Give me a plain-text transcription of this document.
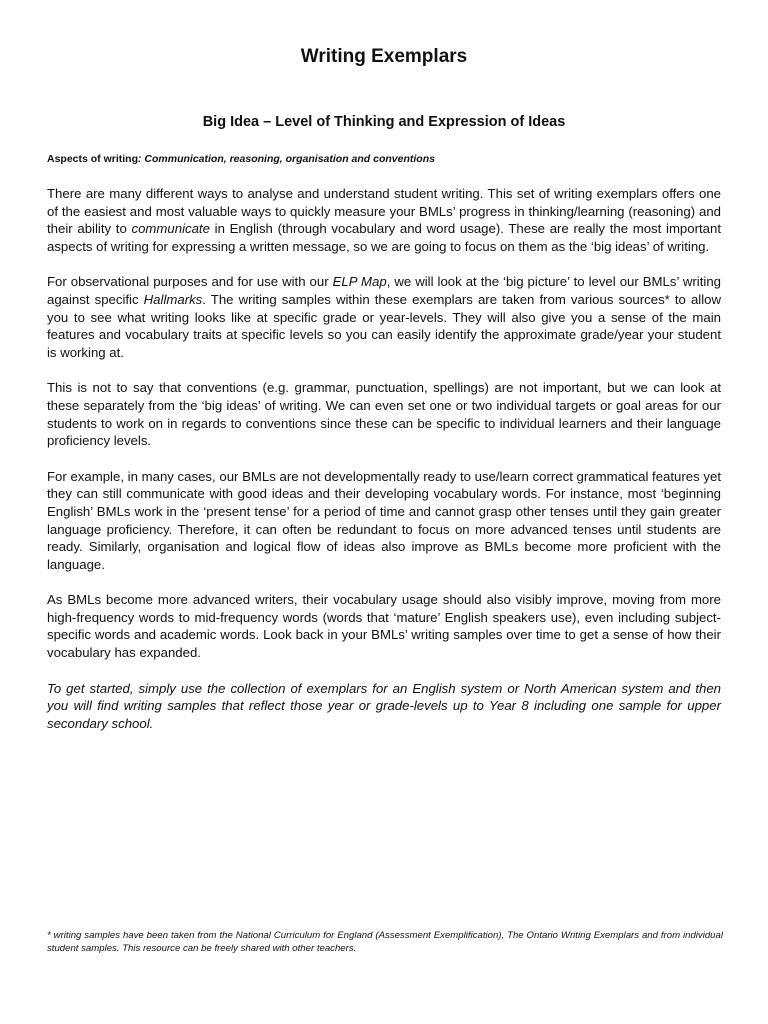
Writing Exemplars
Big Idea – Level of Thinking and Expression of Ideas
Aspects of writing: Communication, reasoning, organisation and conventions

There are many different ways to analyse and understand student writing. This set of writing exemplars offers one of the easiest and most valuable ways to quickly measure your BMLs’ progress in thinking/learning (reasoning) and their ability to communicate in English (through vocabulary and word usage). These are really the most important aspects of writing for expressing a written message, so we are going to focus on them as the ‘big ideas’ of writing.

For observational purposes and for use with our ELP Map, we will look at the ‘big picture’ to level our BMLs’ writing against specific Hallmarks. The writing samples within these exemplars are taken from various sources* to allow you to see what writing looks like at specific grade or year-levels. They will also give you a sense of the main features and vocabulary traits at specific levels so you can easily identify the approximate grade/year your student is working at.

This is not to say that conventions (e.g. grammar, punctuation, spellings) are not important, but we can look at these separately from the ‘big ideas’ of writing. We can even set one or two individual targets or goal areas for our students to work on in regards to conventions since these can be specific to individual learners and their language proficiency levels.

For example, in many cases, our BMLs are not developmentally ready to use/learn correct grammatical features yet they can still communicate with good ideas and their developing vocabulary words. For instance, most ‘beginning English’ BMLs work in the ‘present tense’ for a period of time and cannot grasp other tenses until they gain greater language proficiency. Therefore, it can often be redundant to focus on more advanced tenses until students are ready. Similarly, organisation and logical flow of ideas also improve as BMLs become more proficient with the language.

As BMLs become more advanced writers, their vocabulary usage should also visibly improve, moving from more high-frequency words to mid-frequency words (words that ‘mature’ English speakers use), even including subject-specific words and academic words. Look back in your BMLs’ writing samples over time to get a sense of how their vocabulary has expanded.

To get started, simply use the collection of exemplars for an English system or North American system and then you will find writing samples that reflect those year or grade-levels up to Year 8 including one sample for upper secondary school.

* writing samples have been taken from the National Curriculum for England (Assessment Exemplification), The Ontario Writing Exemplars and from individual student samples. This resource can be freely shared with other teachers.
